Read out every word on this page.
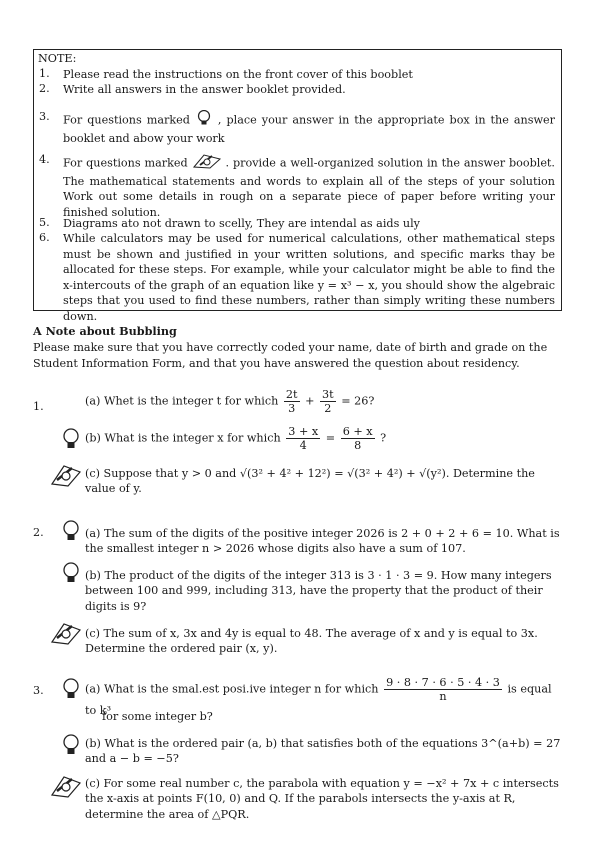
NOTE:
1. Please read the instructions on the front cover of this booblet
2. Write all answers in the answer booklet provided.
3. For questions marked	, place your answer in the appropriate box in the answer booklet and abow your work
4. For questions marked	. provide a well-organized solution in the answer booblet. The mathematical statements and words to explain all of the steps of your solution Work out some details in rough on a separate piece of paper before writing your finished solution.
5. Diagrams ato not drawn to scelly, They are intendal as aids uly
6. While calculators may be used for numerical calculations, other mathematical steps must be shown and justified in your written solutions, and specific marks thay be allocated for these steps. For example, while your calculator might be able to find the x-intercouts of the graph of an equation like y = x³ − x, you should show the algebraic steps that you used to find these numbers, rather than simply writing these numbers down.
A Note about Bubbling
Please make sure that you have correctly coded your name, date of birth and grade on the Student Information Form, and that you have answered the question about residency.
1.	(a) Whet is the integer t for which $\frac{2t}{3} + \frac{3t}{2} = 26$?
(b) What is the integer x for which $\frac{3 + x}{4} = \frac{6 + x}{8}$ ?
(c) Suppose that y > 0 and √(3² + 4² + 12²) = √(3² + 4²) + √(y²). Determine the value of y.
2.	(a) The sum of the digits of the positive integer 2026 is 2 + 0 + 2 + 6 = 10. What is the smallest integer n > 2026 whose digits also have a sum of 107.
(b) The product of the digits of the integer 313 is 3 · 1 · 3 = 9. How many integers between 100 and 999, including 313, have the property that the product of their digits is 9?
(c) The sum of x, 3x and 4y is equal to 48. The average of x and y is equal to 3x. Determine the ordered pair (x, y).
3.	(a) What is the smal.est posi.ive integer n for which $\frac{9 \cdot 8 \cdot 7 \cdot 6 \cdot 5 \cdot 4 \cdot 3}{n}$ is equal to k³
for some integer b?
(b) What is the ordered pair (a, b) that satisfies both of the equations 3^(a+b) = 27 and a − b = −5?
(c) For some real number c, the parabola with equation y = −x² + 7x + c intersects the x-axis at points F(10, 0) and Q. If the parabols intersects the y-axis at R, determine the area of △PQR.
